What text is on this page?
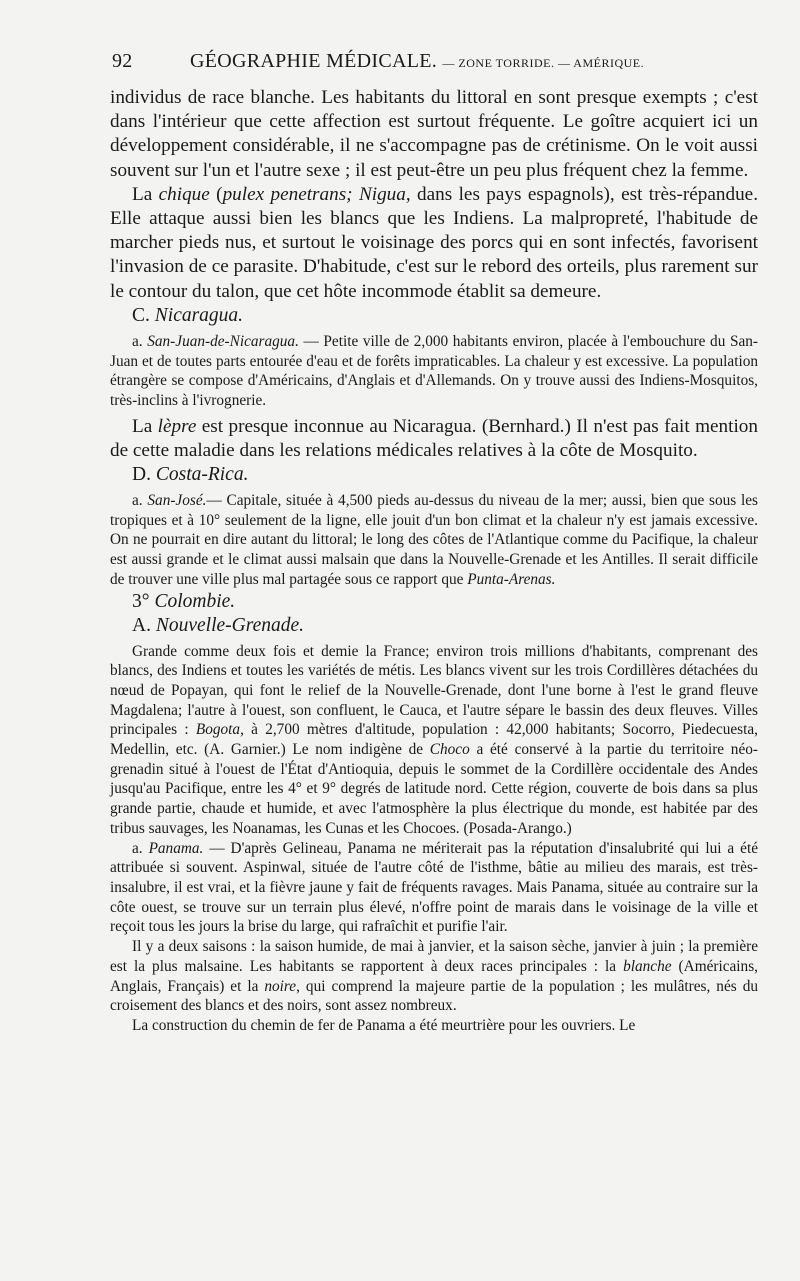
92	GÉOGRAPHIE MÉDICALE. — ZONE TORRIDE. — AMÉRIQUE.

individus de race blanche. Les habitants du littoral en sont presque exempts ; c'est dans l'intérieur que cette affection est surtout fréquente. Le goître acquiert ici un développement considérable, il ne s'accompagne pas de crétinisme. On le voit aussi souvent sur l'un et l'autre sexe ; il est peut-être un peu plus fréquent chez la femme.

La chique (pulex penetrans; Nigua, dans les pays espagnols), est très-répandue. Elle attaque aussi bien les blancs que les Indiens. La malpropreté, l'habitude de marcher pieds nus, et surtout le voisinage des porcs qui en sont infectés, favorisent l'invasion de ce parasite. D'habitude, c'est sur le rebord des orteils, plus rarement sur le contour du talon, que cet hôte incommode établit sa demeure.

C. Nicaragua.

a. San-Juan-de-Nicaragua. — Petite ville de 2,000 habitants environ, placée à l'embouchure du San-Juan et de toutes parts entourée d'eau et de forêts impraticables. La chaleur y est excessive. La population étrangère se compose d'Américains, d'Anglais et d'Allemands. On y trouve aussi des Indiens-Mosquitos, très-inclins à l'ivrognerie.

La lèpre est presque inconnue au Nicaragua. (Bernhard.) Il n'est pas fait mention de cette maladie dans les relations médicales relatives à la côte de Mosquito.

D. Costa-Rica.

a. San-José.— Capitale, située à 4,500 pieds au-dessus du niveau de la mer; aussi, bien que sous les tropiques et à 10° seulement de la ligne, elle jouit d'un bon climat et la chaleur n'y est jamais excessive. On ne pourrait en dire autant du littoral; le long des côtes de l'Atlantique comme du Pacifique, la chaleur est aussi grande et le climat aussi malsain que dans la Nouvelle-Grenade et les Antilles. Il serait difficile de trouver une ville plus mal partagée sous ce rapport que Punta-Arenas.

3° Colombie.

A. Nouvelle-Grenade.

Grande comme deux fois et demie la France; environ trois millions d'habitants, comprenant des blancs, des Indiens et toutes les variétés de métis. Les blancs vivent sur les trois Cordillères détachées du nœud de Popayan, qui font le relief de la Nouvelle-Grenade, dont l'une borne à l'est le grand fleuve Magdalena; l'autre à l'ouest, son confluent, le Cauca, et l'autre sépare le bassin des deux fleuves. Villes principales : Bogota, à 2,700 mètres d'altitude, population : 42,000 habitants; Socorro, Piedecuesta, Medellin, etc. (A. Garnier.) Le nom indigène de Choco a été conservé à la partie du territoire néo-grenadin situé à l'ouest de l'État d'Antioquia, depuis le sommet de la Cordillère occidentale des Andes jusqu'au Pacifique, entre les 4° et 9° degrés de latitude nord. Cette région, couverte de bois dans sa plus grande partie, chaude et humide, et avec l'atmosphère la plus électrique du monde, est habitée par des tribus sauvages, les Noanamas, les Cunas et les Chocoes. (Posada-Arango.)

a. Panama. — D'après Gelineau, Panama ne mériterait pas la réputation d'insalubrité qui lui a été attribuée si souvent. Aspinwal, située de l'autre côté de l'isthme, bâtie au milieu des marais, est très-insalubre, il est vrai, et la fièvre jaune y fait de fréquents ravages. Mais Panama, située au contraire sur la côte ouest, se trouve sur un terrain plus élevé, n'offre point de marais dans le voisinage de la ville et reçoit tous les jours la brise du large, qui rafraîchit et purifie l'air.

Il y a deux saisons : la saison humide, de mai à janvier, et la saison sèche, janvier à juin ; la première est la plus malsaine. Les habitants se rapportent à deux races principales : la blanche (Américains, Anglais, Français) et la noire, qui comprend la majeure partie de la population ; les mulâtres, nés du croisement des blancs et des noirs, sont assez nombreux.

La construction du chemin de fer de Panama a été meurtrière pour les ouvriers. Le
